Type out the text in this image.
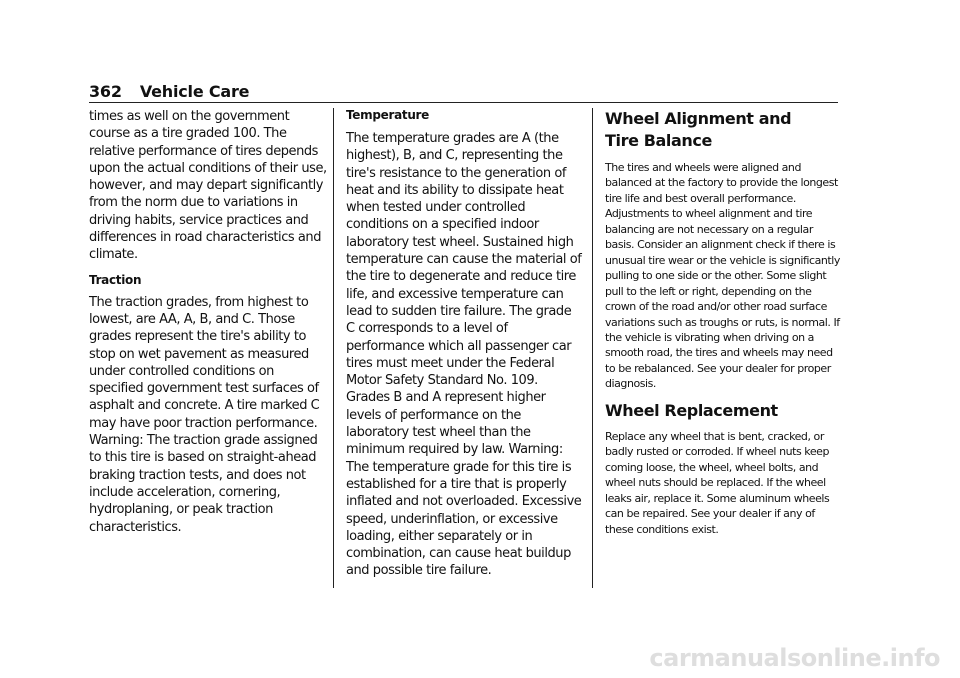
362 Vehicle Care

times as well on the government course as a tire graded 100. The relative performance of tires depends upon the actual conditions of their use, however, and may depart significantly from the norm due to variations in driving habits, service practices and differences in road characteristics and climate.

Traction

The traction grades, from highest to lowest, are AA, A, B, and C. Those grades represent the tire's ability to stop on wet pavement as measured under controlled conditions on specified government test surfaces of asphalt and concrete. A tire marked C may have poor traction performance. Warning: The traction grade assigned to this tire is based on straight-ahead braking traction tests, and does not include acceleration, cornering, hydroplaning, or peak traction characteristics.

Temperature

The temperature grades are A (the highest), B, and C, representing the tire's resistance to the generation of heat and its ability to dissipate heat when tested under controlled conditions on a specified indoor laboratory test wheel. Sustained high temperature can cause the material of the tire to degenerate and reduce tire life, and excessive temperature can lead to sudden tire failure. The grade C corresponds to a level of performance which all passenger car tires must meet under the Federal Motor Safety Standard No. 109. Grades B and A represent higher levels of performance on the laboratory test wheel than the minimum required by law. Warning: The temperature grade for this tire is established for a tire that is properly inflated and not overloaded. Excessive speed, underinflation, or excessive loading, either separately or in combination, can cause heat buildup and possible tire failure.

Wheel Alignment and Tire Balance

The tires and wheels were aligned and balanced at the factory to provide the longest tire life and best overall performance. Adjustments to wheel alignment and tire balancing are not necessary on a regular basis. Consider an alignment check if there is unusual tire wear or the vehicle is significantly pulling to one side or the other. Some slight pull to the left or right, depending on the crown of the road and/or other road surface variations such as troughs or ruts, is normal. If the vehicle is vibrating when driving on a smooth road, the tires and wheels may need to be rebalanced. See your dealer for proper diagnosis.

Wheel Replacement

Replace any wheel that is bent, cracked, or badly rusted or corroded. If wheel nuts keep coming loose, the wheel, wheel bolts, and wheel nuts should be replaced. If the wheel leaks air, replace it. Some aluminum wheels can be repaired. See your dealer if any of these conditions exist.

carmanualsonline.info
